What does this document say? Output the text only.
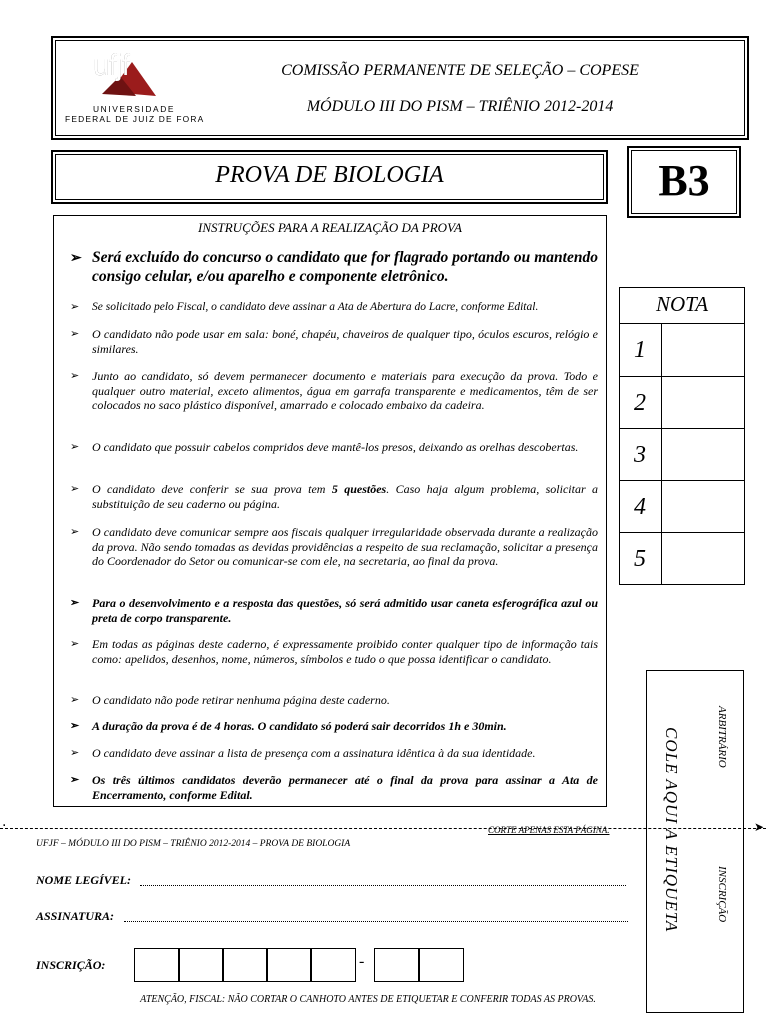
ufjf
UNIVERSIDADE
FEDERAL DE JUIZ DE FORA
COMISSÃO PERMANENTE DE SELEÇÃO – COPESE
MÓDULO III DO PISM – TRIÊNIO 2012-2014
PROVA DE BIOLOGIA	B3
INSTRUÇÕES PARA A REALIZAÇÃO DA PROVA
➢ Será excluído do concurso o candidato que for flagrado portando ou mantendo consigo celular, e/ou aparelho e componente eletrônico.
➢ Se solicitado pelo Fiscal, o candidato deve assinar a Ata de Abertura do Lacre, conforme Edital.
➢ O candidato não pode usar em sala: boné, chapéu, chaveiros de qualquer tipo, óculos escuros, relógio e similares.
➢ Junto ao candidato, só devem permanecer documento e materiais para execução da prova. Todo e qualquer outro material, exceto alimentos, água em garrafa transparente e medicamentos, têm de ser colocados no saco plástico disponível, amarrado e colocado embaixo da cadeira.
➢ O candidato que possuir cabelos compridos deve mantê-los presos, deixando as orelhas descobertas.
➢ O candidato deve conferir se sua prova tem 5 questões. Caso haja algum problema, solicitar a substituição de seu caderno ou página.
➢ O candidato deve comunicar sempre aos fiscais qualquer irregularidade observada durante a realização da prova. Não sendo tomadas as devidas providências a respeito de sua reclamação, solicitar a presença do Coordenador do Setor ou comunicar-se com ele, na secretaria, ao final da prova.
➢ Para o desenvolvimento e a resposta das questões, só será admitido usar caneta esferográfica azul ou preta de corpo transparente.
➢ Em todas as páginas deste caderno, é expressamente proibido conter qualquer tipo de informação tais como: apelidos, desenhos, nome, números, símbolos e tudo o que possa identificar o candidato.
➢ O candidato não pode retirar nenhuma página deste caderno.
➢ A duração da prova é de 4 horas. O candidato só poderá sair decorridos 1h e 30min.
➢ O candidato deve assinar a lista de presença com a assinatura idêntica à da sua identidade.
➢ Os três últimos candidatos deverão permanecer até o final da prova para assinar a Ata de Encerramento, conforme Edital.
NOTA
1
2
3
4
5
COLE AQUI A ETIQUETA	ARBITRÁRIO
INSCRIÇÃO
·	➤
CORTE APENAS ESTA PÁGINA.
UFJF – MÓDULO III DO PISM – TRIÊNIO 2012-2014 – PROVA DE BIOLOGIA
NOME LEGÍVEL:
ASSINATURA:
INSCRIÇÃO:	-
ATENÇÃO, FISCAL: NÃO CORTAR O CANHOTO ANTES DE ETIQUETAR E CONFERIR TODAS AS PROVAS.
